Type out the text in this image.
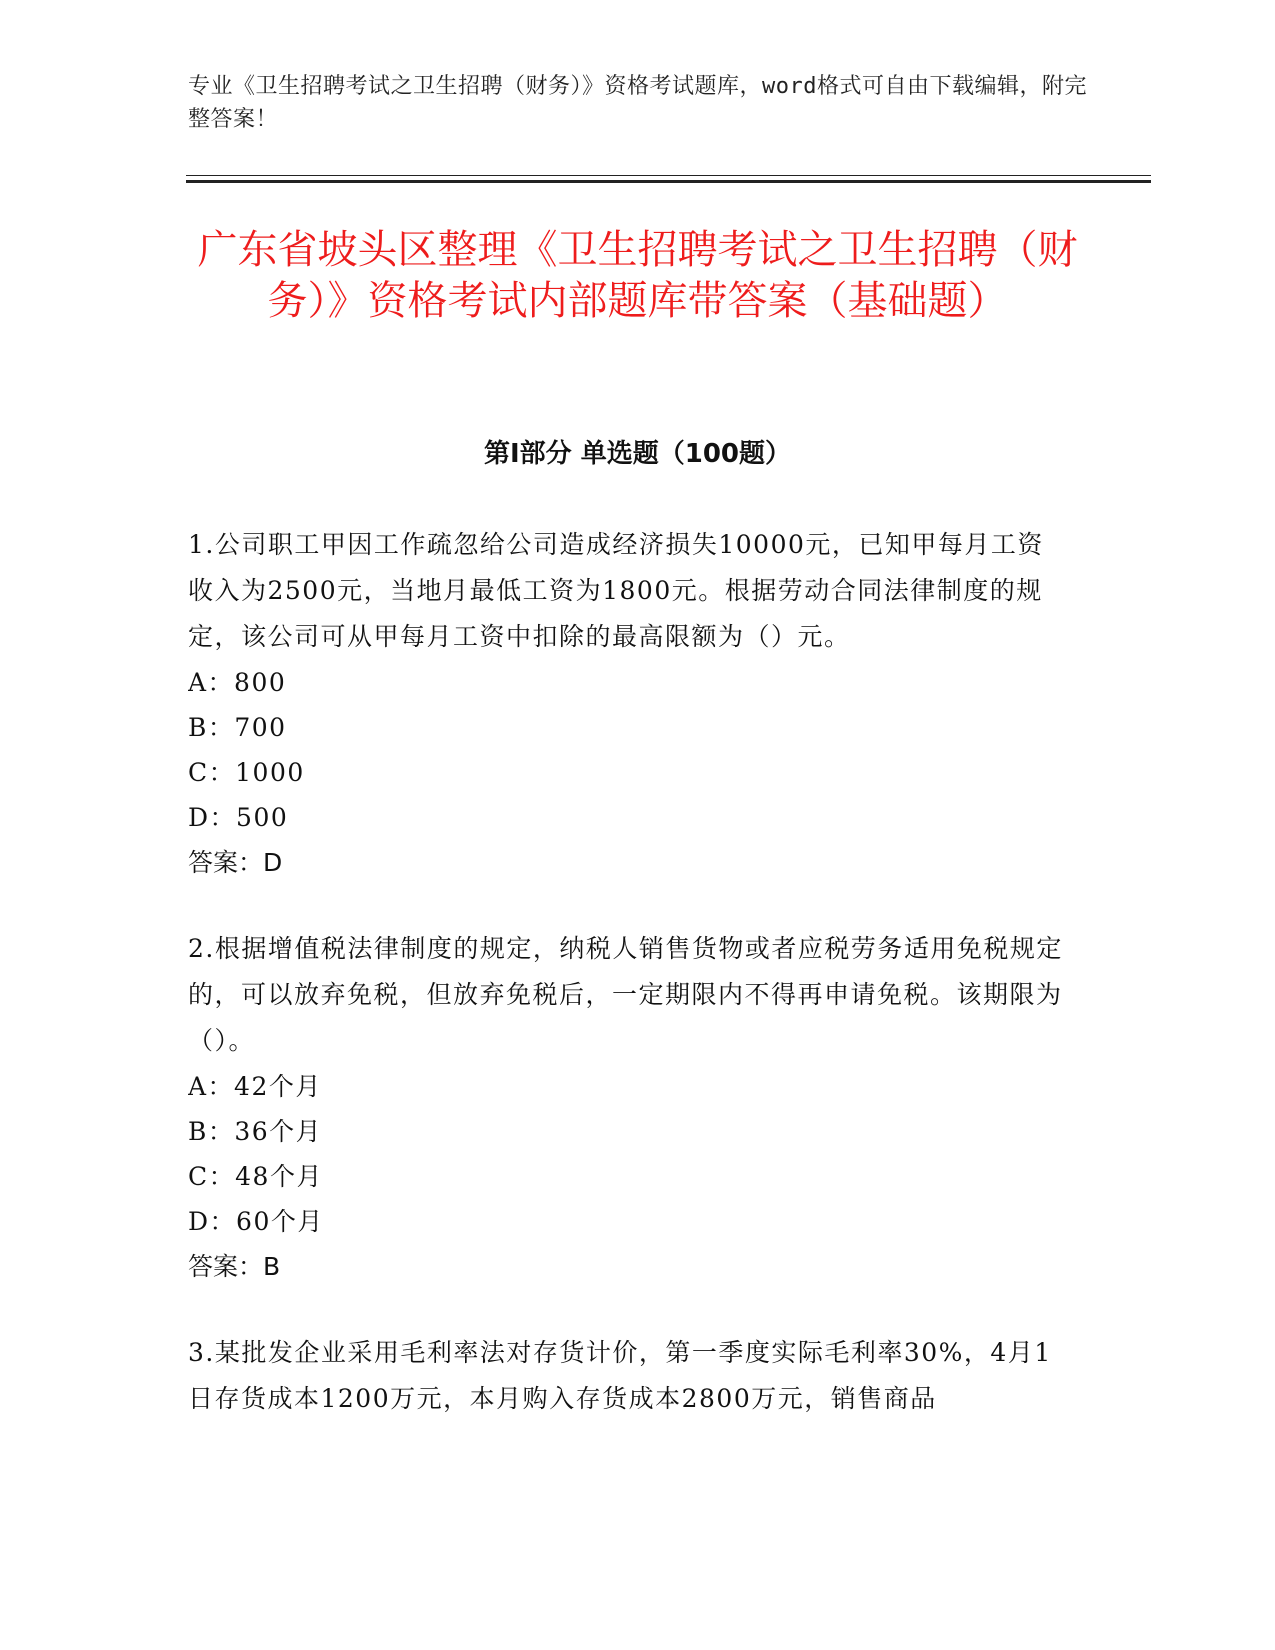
专业《卫生招聘考试之卫生招聘（财务）》资格考试题库，word格式可自由下载编辑，附完整答案！
广东省坡头区整理《卫生招聘考试之卫生招聘（财务）》资格考试内部题库带答案（基础题）
第I部分 单选题（100题）

1.公司职工甲因工作疏忽给公司造成经济损失10000元，已知甲每月工资收入为2500元，当地月最低工资为1800元。根据劳动合同法律制度的规定，该公司可从甲每月工资中扣除的最高限额为（）元。

A：800

B：700

C：1000

D：500

答案：D

2.根据增值税法律制度的规定，纳税人销售货物或者应税劳务适用免税规定的，可以放弃免税，但放弃免税后，一定期限内不得再申请免税。该期限为（）。

A：42个月

B：36个月

C：48个月

D：60个月

答案：B

3.某批发企业采用毛利率法对存货计价，第一季度实际毛利率30%，4月1日存货成本1200万元，本月购入存货成本2800万元，销售商品
